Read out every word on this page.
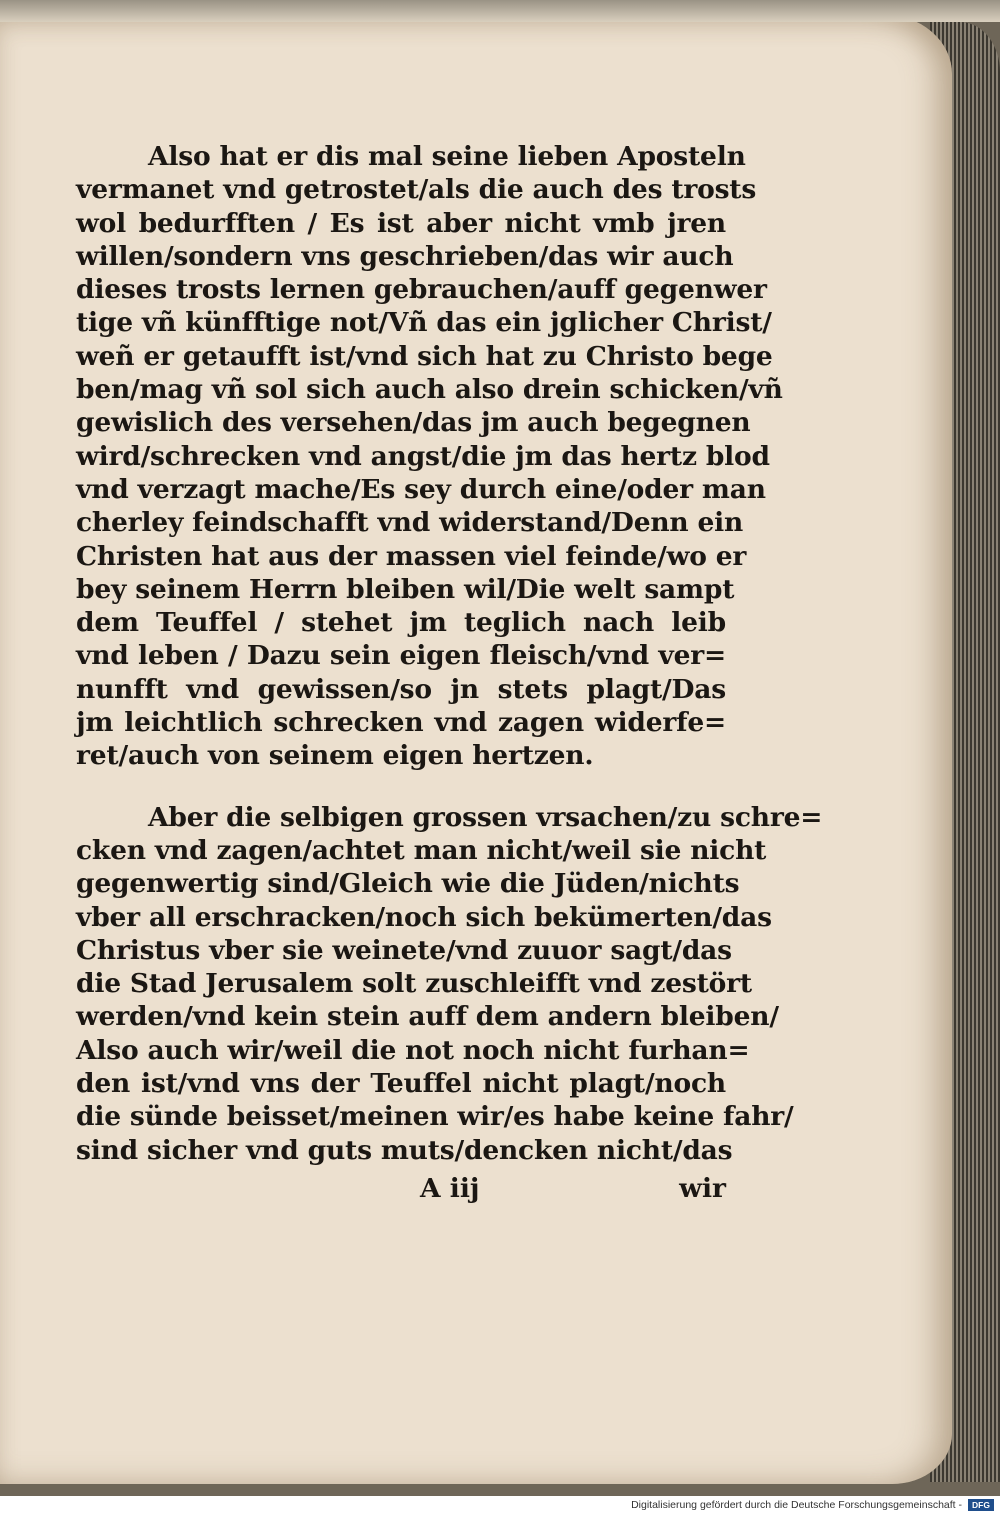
Also hat er dis mal seine lieben Aposteln
vermanet vnd getrostet/als die auch des trosts
wol bedurfften / Es ist aber nicht vmb jren
willen/sondern vns geschrieben/das wir auch
dieses trosts lernen gebrauchen/auff gegenwer
tige vñ künfftige not/Vñ das ein jglicher Christ/
weñ er getaufft ist/vnd sich hat zu Christo bege
ben/mag vñ sol sich auch also drein schicken/vñ
gewislich des versehen/das jm auch begegnen
wird/schrecken vnd angst/die jm das hertz blod
vnd verzagt mache/Es sey durch eine/oder man
cherley feindschafft vnd widerstand/Denn ein
Christen hat aus der massen viel feinde/wo er
bey seinem Herrn bleiben wil/Die welt sampt
dem Teuffel / stehet jm teglich nach leib
vnd leben / Dazu sein eigen fleisch/vnd ver=
nunfft vnd gewissen/so jn stets plagt/Das
jm leichtlich schrecken vnd zagen widerfe=
ret/auch von seinem eigen hertzen.
Aber die selbigen grossen vrsachen/zu schre=
cken vnd zagen/achtet man nicht/weil sie nicht
gegenwertig sind/Gleich wie die Jüden/nichts
vber all erschracken/noch sich bekümerten/das
Christus vber sie weinete/vnd zuuor sagt/das
die Stad Jerusalem solt zuschleifft vnd zestört
werden/vnd kein stein auff dem andern bleiben/
Also auch wir/weil die not noch nicht furhan=
den ist/vnd vns der Teuffel nicht plagt/noch
die sünde beisset/meinen wir/es habe keine fahr/
sind sicher vnd guts muts/dencken nicht/das
A iij	wir
Digitalisierung gefördert durch die Deutsche Forschungsgemeinschaft -	DFG
